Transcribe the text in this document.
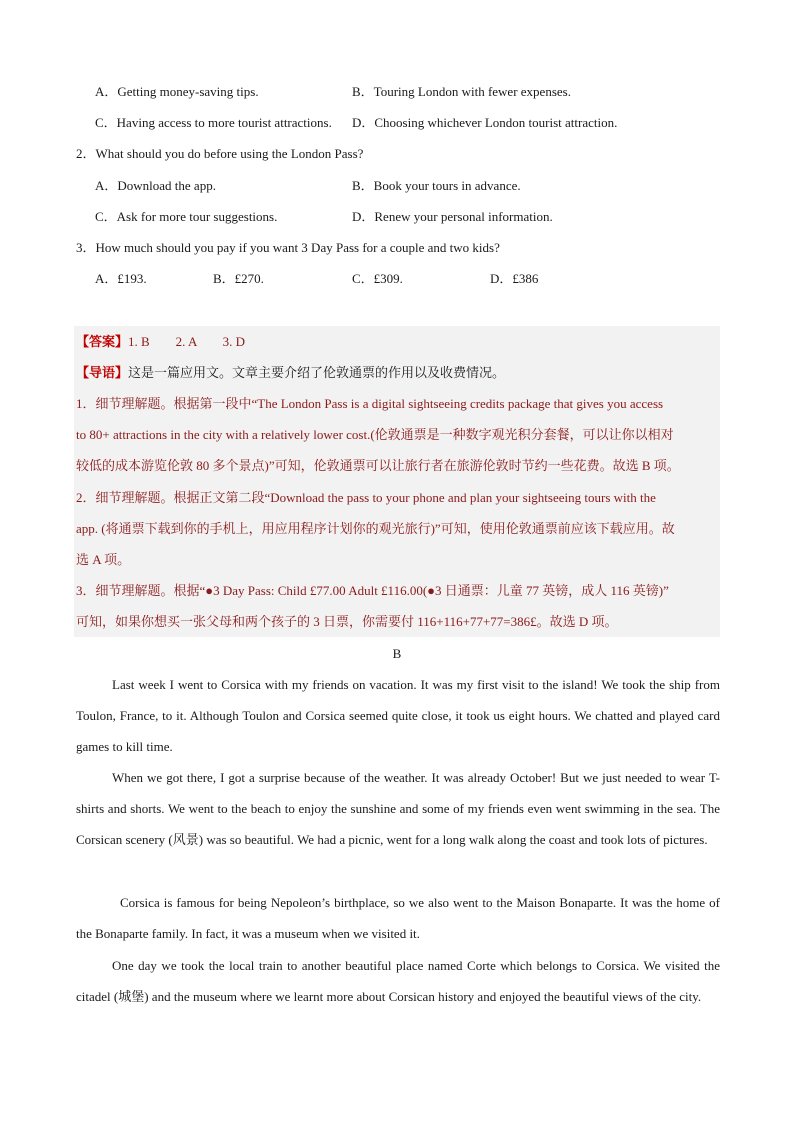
A．Getting money-saving tips.	B．Touring London with fewer expenses.
C．Having access to more tourist attractions. D．Choosing whichever London tourist attraction.
2．What should you do before using the London Pass?
A．Download the app.	B．Book your tours in advance.
C．Ask for more tour suggestions.	D．Renew your personal information.
3．How much should you pay if you want 3 Day Pass for a couple and two kids?
A．£193.	B．£270.	C．£309.	D．£386
【答案】1. B　　2. A　　3. D
【导语】这是一篇应用文。文章主要介绍了伦敦通票的作用以及收费情况。
1．细节理解题。根据第一段中“The London Pass is a digital sightseeing credits package that gives you access
to 80+ attractions in the city with a relatively lower cost.(伦敦通票是一种数字观光积分套餐，可以让你以相对
较低的成本游览伦敦 80 多个景点)”可知，伦敦通票可以让旅行者在旅游伦敦时节约一些花费。故选 B 项。
2．细节理解题。根据正文第二段“Download the pass to your phone and plan your sightseeing tours with the
app. (将通票下载到你的手机上，用应用程序计划你的观光旅行)”可知，使用伦敦通票前应该下载应用。故
选 A 项。
3．细节理解题。根据“●3 Day Pass: Child £77.00 Adult £116.00(●3 日通票：儿童 77 英镑，成人 116 英镑)”
可知，如果你想买一张父母和两个孩子的 3 日票，你需要付 116+116+77+77=386£。故选 D 项。
B

Last week I went to Corsica with my friends on vacation. It was my first visit to the island! We took the ship from Toulon, France, to it. Although Toulon and Corsica seemed quite close, it took us eight hours. We chatted and played card games to kill time.

When we got there, I got a surprise because of the weather. It was already October! But we just needed to wear T-shirts and shorts. We went to the beach to enjoy the sunshine and some of my friends even went swimming in the sea. The Corsican scenery (风景) was so beautiful. We had a picnic, went for a long walk along the coast and took lots of pictures.

Corsica is famous for being Nepoleon’s birthplace, so we also went to the Maison Bonaparte. It was the home of the Bonaparte family. In fact, it was a museum when we visited it.

One day we took the local train to another beautiful place named Corte which belongs to Corsica. We visited the citadel (城堡) and the museum where we learnt more about Corsican history and enjoyed the beautiful views of the city.
